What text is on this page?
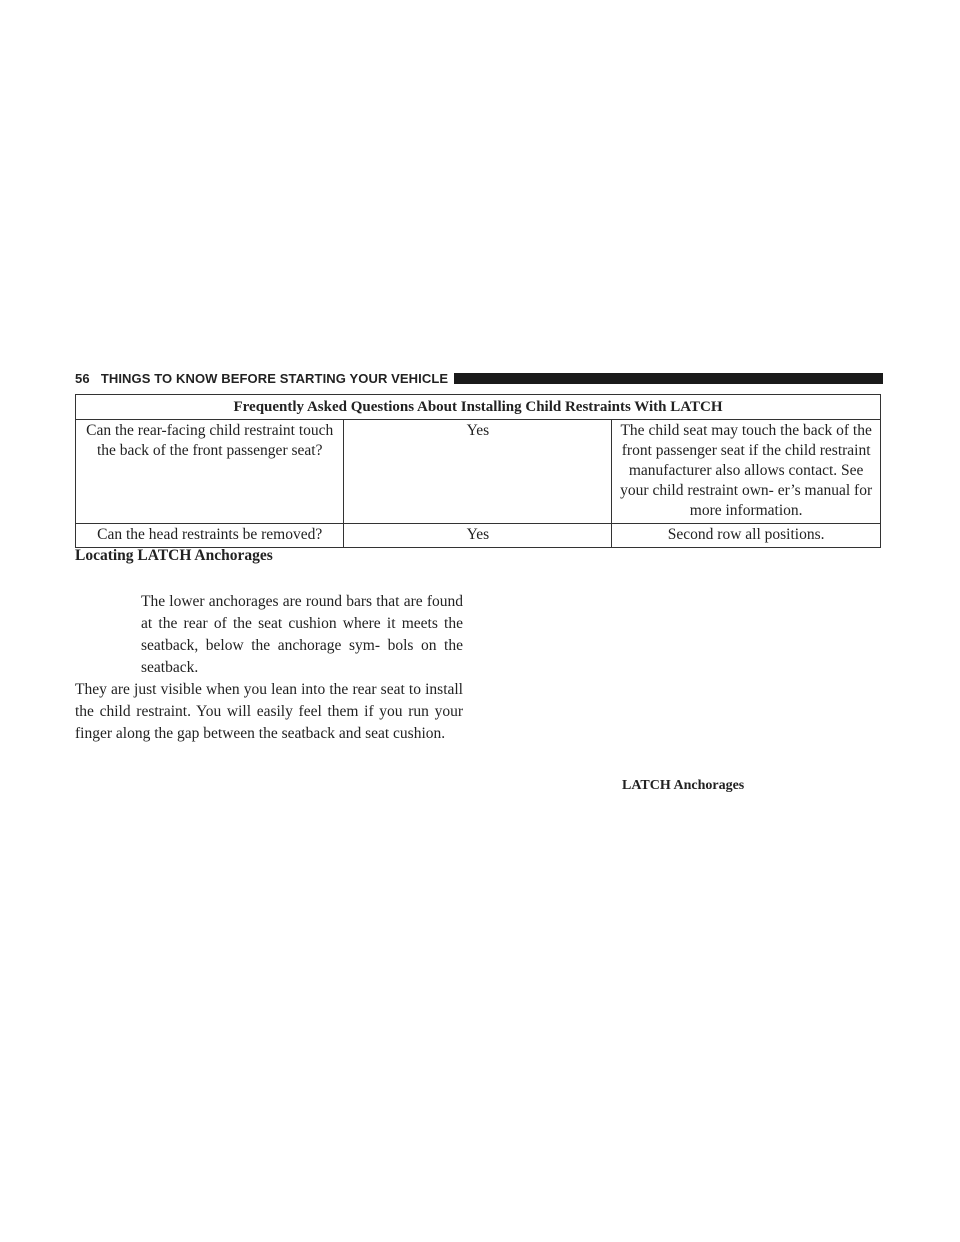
56 THINGS TO KNOW BEFORE STARTING YOUR VEHICLE
Frequently Asked Questions About Installing Child Restraints With LATCH		
Can the rear-facing child restraint touch the back of the front passenger seat?	Yes	The child seat may touch the back of the front passenger seat if the child restraint manufacturer also allows contact. See your child restraint own- er’s manual for more information.
Can the head restraints be removed?	Yes	Second row all positions.
Locating LATCH Anchorages

The lower anchorages are round bars that are found at the rear of the seat cushion where it meets the seatback, below the anchorage sym- bols on the seatback.
They are just visible when you lean into the rear seat to install the child restraint. You will easily feel them if you run your finger along the gap between the seatback and seat cushion.

LATCH Anchorages
